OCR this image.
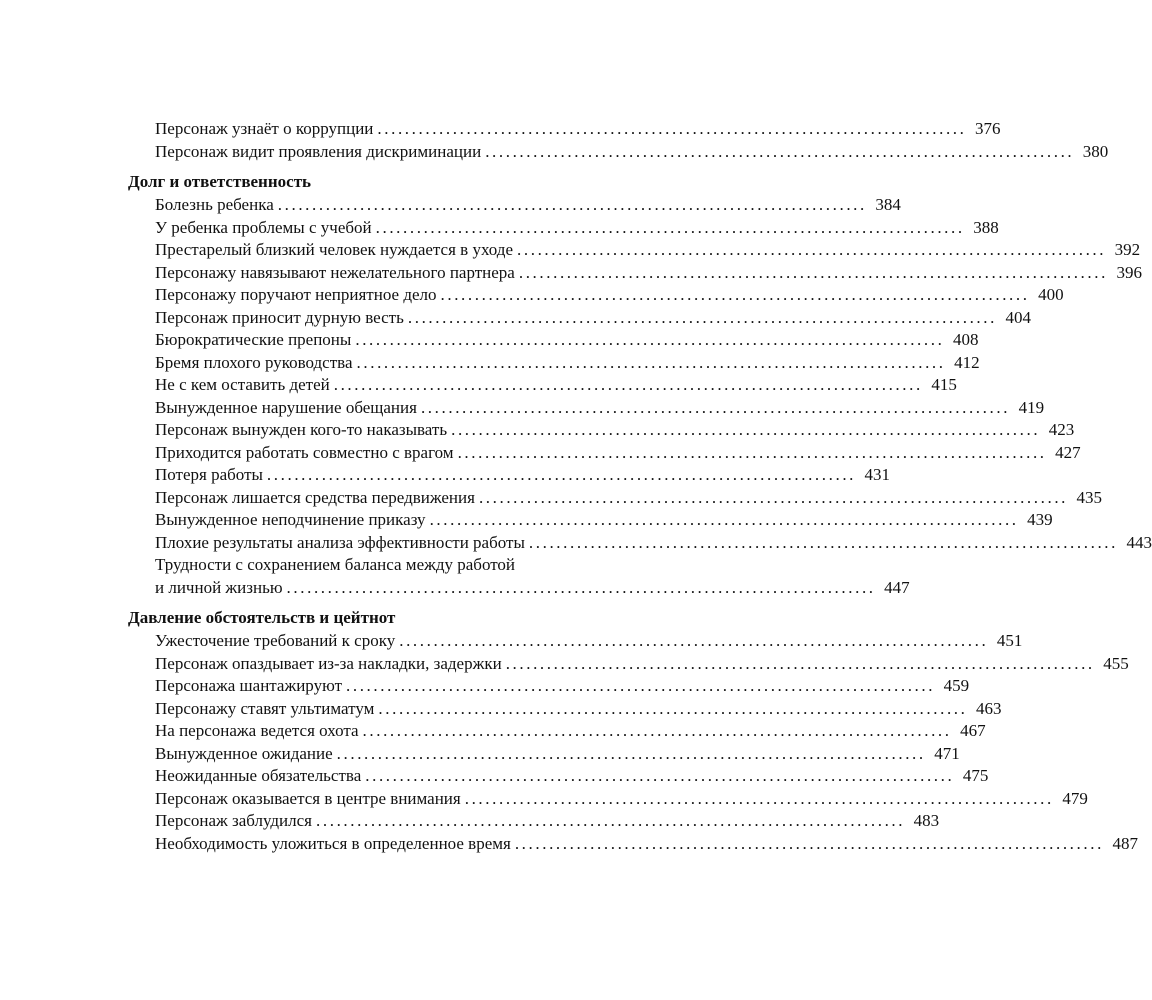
Персонаж узнаёт о коррупции ...................................................................................... 376
Персонаж видит проявления дискриминации ...................................................................................... 380
Долг и ответственность
Болезнь ребенка ...................................................................................... 384
У ребенка проблемы с учебой ...................................................................................... 388
Престарелый близкий человек нуждается в уходе ...................................................................................... 392
Персонажу навязывают нежелательного партнера ...................................................................................... 396
Персонажу поручают неприятное дело ...................................................................................... 400
Персонаж приносит дурную весть ...................................................................................... 404
Бюрократические препоны ...................................................................................... 408
Бремя плохого руководства ...................................................................................... 412
Не с кем оставить детей ...................................................................................... 415
Вынужденное нарушение обещания ...................................................................................... 419
Персонаж вынужден кого-то наказывать ...................................................................................... 423
Приходится работать совместно с врагом ...................................................................................... 427
Потеря работы ...................................................................................... 431
Персонаж лишается средства передвижения ...................................................................................... 435
Вынужденное неподчинение приказу ...................................................................................... 439
Плохие результаты анализа эффективности работы ...................................................................................... 443
Трудности с сохранением баланса между работой
и личной жизнью ...................................................................................... 447
Давление обстоятельств и цейтнот
Ужесточение требований к сроку ...................................................................................... 451
Персонаж опаздывает из-за накладки, задержки ...................................................................................... 455
Персонажа шантажируют ...................................................................................... 459
Персонажу ставят ультиматум ...................................................................................... 463
На персонажа ведется охота ...................................................................................... 467
Вынужденное ожидание ...................................................................................... 471
Неожиданные обязательства ...................................................................................... 475
Персонаж оказывается в центре внимания ...................................................................................... 479
Персонаж заблудился ...................................................................................... 483
Необходимость уложиться в определенное время ...................................................................................... 487
